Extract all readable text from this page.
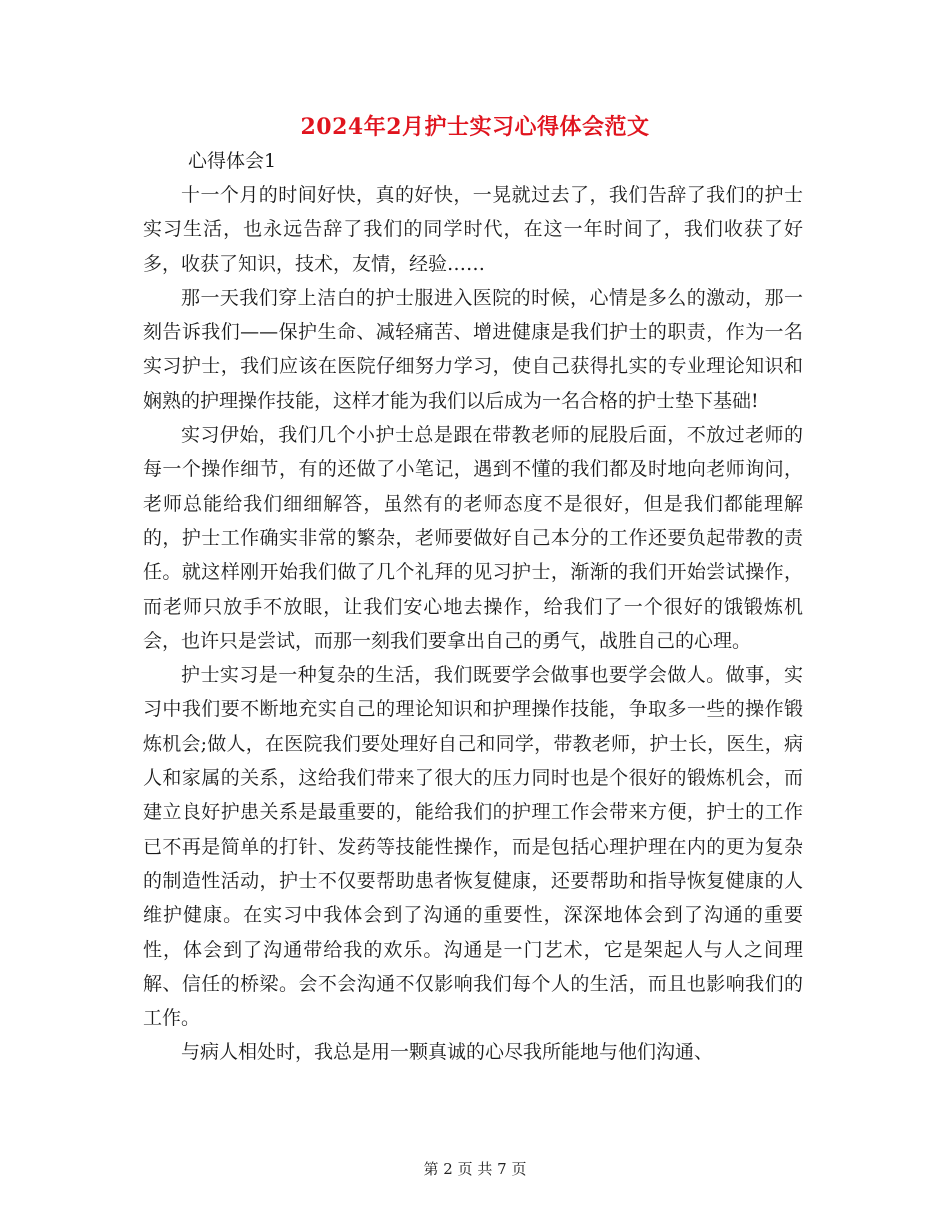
2024年2月护士实习心得体会范文
心得体会1

十一个月的时间好快，真的好快，一晃就过去了，我们告辞了我们的护士实习生活，也永远告辞了我们的同学时代，在这一年时间了，我们收获了好多，收获了知识，技术，友情，经验……

那一天我们穿上洁白的护士服进入医院的时候，心情是多么的激动，那一刻告诉我们——保护生命、减轻痛苦、增进健康是我们护士的职责，作为一名实习护士，我们应该在医院仔细努力学习，使自己获得扎实的专业理论知识和娴熟的护理操作技能，这样才能为我们以后成为一名合格的护士垫下基础!

实习伊始，我们几个小护士总是跟在带教老师的屁股后面，不放过老师的每一个操作细节，有的还做了小笔记，遇到不懂的我们都及时地向老师询问，老师总能给我们细细解答，虽然有的老师态度不是很好，但是我们都能理解的，护士工作确实非常的繁杂，老师要做好自己本分的工作还要负起带教的责任。就这样刚开始我们做了几个礼拜的见习护士，渐渐的我们开始尝试操作，而老师只放手不放眼，让我们安心地去操作，给我们了一个很好的饿锻炼机会，也许只是尝试，而那一刻我们要拿出自己的勇气，战胜自己的心理。

护士实习是一种复杂的生活，我们既要学会做事也要学会做人。做事，实习中我们要不断地充实自己的理论知识和护理操作技能，争取多一些的操作锻炼机会;做人，在医院我们要处理好自己和同学，带教老师，护士长，医生，病人和家属的关系，这给我们带来了很大的压力同时也是个很好的锻炼机会，而建立良好护患关系是最重要的，能给我们的护理工作会带来方便，护士的工作已不再是简单的打针、发药等技能性操作，而是包括心理护理在内的更为复杂的制造性活动，护士不仅要帮助患者恢复健康，还要帮助和指导恢复健康的人维护健康。在实习中我体会到了沟通的重要性，深深地体会到了沟通的重要性，体会到了沟通带给我的欢乐。沟通是一门艺术，它是架起人与人之间理解、信任的桥梁。会不会沟通不仅影响我们每个人的生活，而且也影响我们的工作。

与病人相处时，我总是用一颗真诚的心尽我所能地与他们沟通、

第 2 页 共 7 页
